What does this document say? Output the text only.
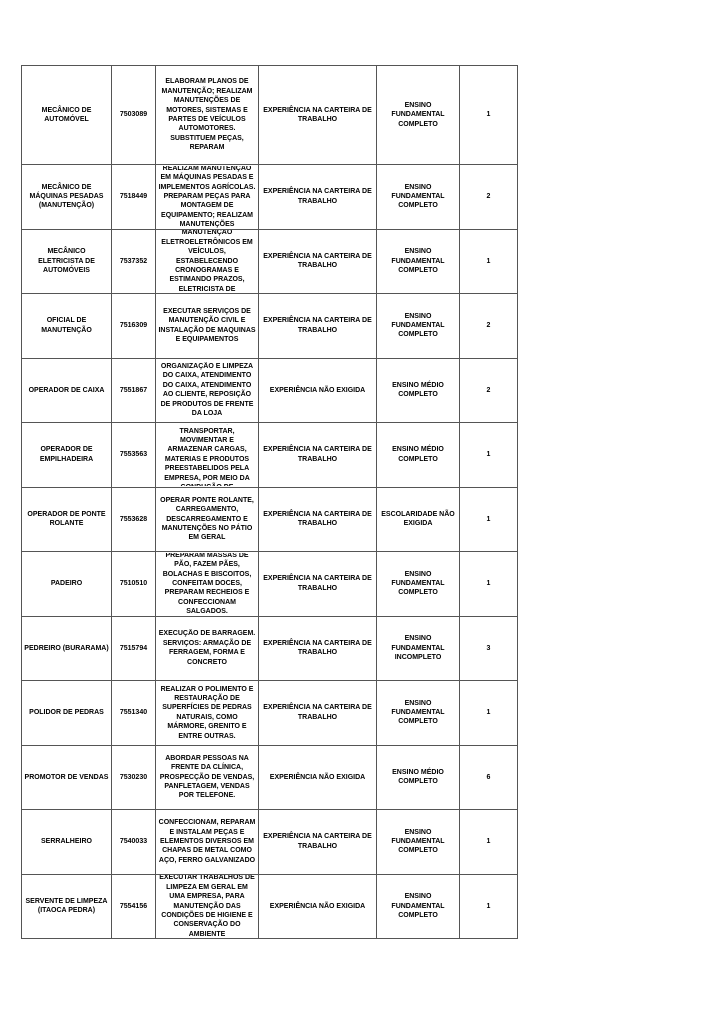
MECÂNICO DE AUTOMÓVEL	7503089	ELABORAM PLANOS DE MANUTENÇÃO; REALIZAM MANUTENÇÕES DE MOTORES, SISTEMAS E PARTES DE VEÍCULOS AUTOMOTORES. SUBSTITUEM PEÇAS, REPARAM	EXPERIÊNCIA NA CARTEIRA DE TRABALHO	ENSINO FUNDAMENTAL COMPLETO	1
MECÂNICO DE MÁQUINAS PESADAS (MANUTENÇÃO)	7518449	REALIZAM MANUTENÇÃO EM MÁQUINAS PESADAS E IMPLEMENTOS AGRÍCOLAS. PREPARAM PEÇAS PARA MONTAGEM DE EQUIPAMENTO; REALIZAM MANUTENÇÕES	EXPERIÊNCIA NA CARTEIRA DE TRABALHO	ENSINO FUNDAMENTAL COMPLETO	2
MECÂNICO ELETRICISTA DE AUTOMÓVEIS	7537352	MANUTENÇÃO ELETROELETRÔNICOS EM VEÍCULOS, ESTABELECENDO CRONOGRAMAS E ESTIMANDO PRAZOS, ELETRICISTA DE	EXPERIÊNCIA NA CARTEIRA DE TRABALHO	ENSINO FUNDAMENTAL COMPLETO	1
OFICIAL DE MANUTENÇÃO	7516309	EXECUTAR SERVIÇOS DE MANUTENÇÃO CIVIL E INSTALAÇÃO DE MAQUINAS E EQUIPAMENTOS	EXPERIÊNCIA NA CARTEIRA DE TRABALHO	ENSINO FUNDAMENTAL COMPLETO	2
OPERADOR DE CAIXA	7551867	ORGANIZAÇÃO E LIMPEZA DO CAIXA, ATENDIMENTO DO CAIXA, ATENDIMENTO AO CLIENTE, REPOSIÇÃO DE PRODUTOS DE FRENTE DA LOJA	EXPERIÊNCIA NÃO EXIGIDA	ENSINO MÉDIO COMPLETO	2
OPERADOR DE EMPILHADEIRA	7553563	TRANSPORTAR, MOVIMENTAR E ARMAZENAR CARGAS, MATERIAS E PRODUTOS PREESTABELIDOS PELA EMPRESA, POR MEIO DA	EXPERIÊNCIA NA CARTEIRA DE TRABALHO	ENSINO MÉDIO COMPLETO	1
OPERADOR DE PONTE ROLANTE	7553628	OPERAR PONTE ROLANTE, CARREGAMENTO, DESCARREGAMENTO E MANUTENÇÕES NO PÁTIO EM GERAL	EXPERIÊNCIA NA CARTEIRA DE TRABALHO	ESCOLARIDADE NÃO EXIGIDA	1
PADEIRO	7510510	PREPARAM MASSAS DE PÃO, FAZEM PÃES, BOLACHAS E BISCOITOS, CONFEITAM DOCES, PREPARAM RECHEIOS E CONFECCIONAM SALGADOS.	EXPERIÊNCIA NA CARTEIRA DE TRABALHO	ENSINO FUNDAMENTAL COMPLETO	1
PEDREIRO (BURARAMA)	7515794	EXECUÇÃO DE BARRAGEM. SERVIÇOS: ARMAÇÃO DE FERRAGEM, FORMA E CONCRETO	EXPERIÊNCIA NA CARTEIRA DE TRABALHO	ENSINO FUNDAMENTAL INCOMPLETO	3
POLIDOR DE PEDRAS	7551340	REALIZAR O POLIMENTO E RESTAURAÇÃO DE SUPERFÍCIES DE PEDRAS NATURAIS, COMO MÁRMORE, GRENITO E ENTRE OUTRAS.	EXPERIÊNCIA NA CARTEIRA DE TRABALHO	ENSINO FUNDAMENTAL COMPLETO	1
PROMOTOR DE VENDAS	7530230	ABORDAR PESSOAS NA FRENTE DA CLÍNICA, PROSPECÇÃO DE VENDAS, PANFLETAGEM, VENDAS POR TELEFONE.	EXPERIÊNCIA NÃO EXIGIDA	ENSINO MÉDIO COMPLETO	6
SERRALHEIRO	7540033	CONFECCIONAM, REPARAM E INSTALAM PEÇAS E ELEMENTOS DIVERSOS EM CHAPAS DE METAL COMO AÇO, FERRO GALVANIZADO	EXPERIÊNCIA NA CARTEIRA DE TRABALHO	ENSINO FUNDAMENTAL COMPLETO	1
SERVENTE DE LIMPEZA (ITAOCA PEDRA)	7554156	EXECUTAR TRABALHOS DE LIMPEZA EM GERAL EM UMA EMPRESA, PARA MANUTENÇÃO DAS CONDIÇÕES DE HIGIENE E CONSERVAÇÃO DO AMBIENTE	EXPERIÊNCIA NÃO EXIGIDA	ENSINO FUNDAMENTAL COMPLETO	1
